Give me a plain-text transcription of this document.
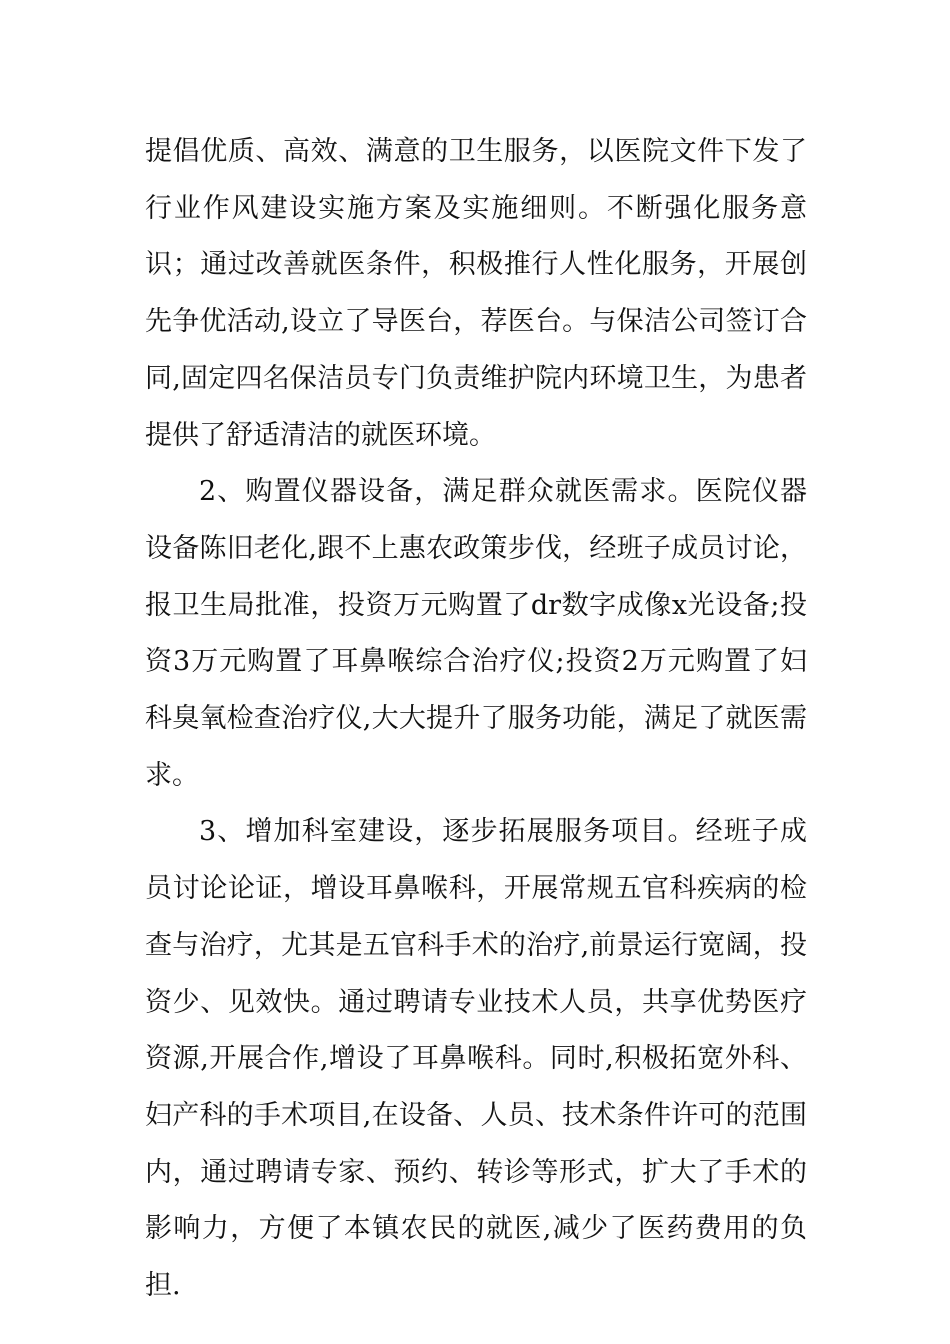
提倡优质、高效、满意的卫生服务，以医院文件下发了行业作风建设实施方案及实施细则。不断强化服务意识；通过改善就医条件，积极推行人性化服务，开展创先争优活动,设立了导医台，荐医台。与保洁公司签订合同,固定四名保洁员专门负责维护院内环境卫生，为患者提供了舒适清洁的就医环境。

2、购置仪器设备，满足群众就医需求。医院仪器设备陈旧老化,跟不上惠农政策步伐，经班子成员讨论，报卫生局批准，投资万元购置了dr数字成像x光设备;投资3万元购置了耳鼻喉综合治疗仪;投资2万元购置了妇科臭氧检查治疗仪,大大提升了服务功能，满足了就医需求。

3、增加科室建设，逐步拓展服务项目。经班子成员讨论论证，增设耳鼻喉科，开展常规五官科疾病的检查与治疗，尤其是五官科手术的治疗,前景运行宽阔，投资少、见效快。通过聘请专业技术人员，共享优势医疗资源,开展合作,增设了耳鼻喉科。同时,积极拓宽外科、妇产科的手术项目,在设备、人员、技术条件许可的范围内，通过聘请专家、预约、转诊等形式，扩大了手术的影响力，方便了本镇农民的就医,减少了医药费用的负担.
